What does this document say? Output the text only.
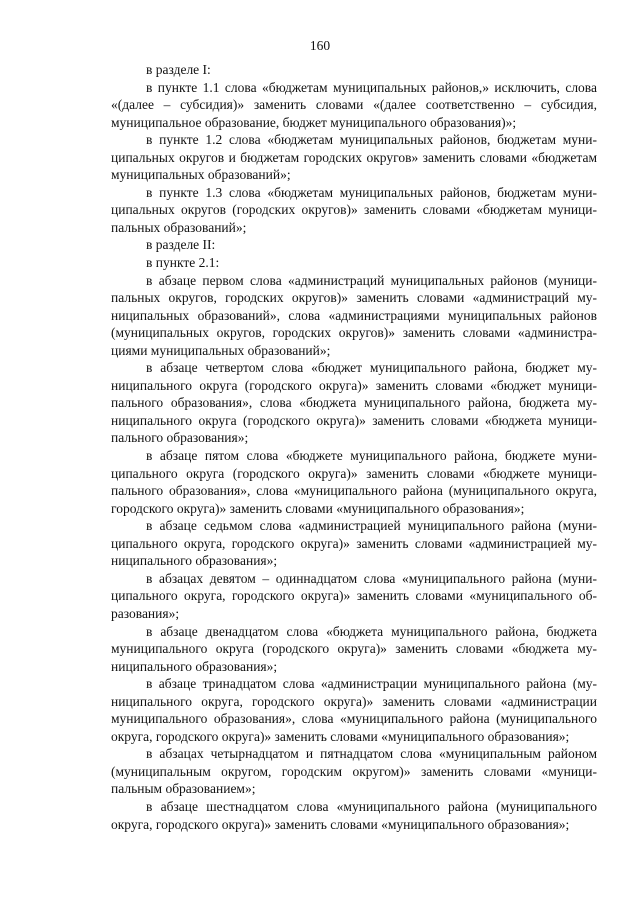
160

в разделе I:

в пункте 1.1 слова «бюджетам муниципальных районов,» исключить, слова «(далее – субсидия)» заменить словами «(далее соответственно – субсидия, муниципальное образование, бюджет муниципального образования)»;

в пункте 1.2 слова «бюджетам муниципальных районов, бюджетам муниципальных округов и бюджетам городских округов» заменить словами «бюджетам муниципальных образований»;

в пункте 1.3 слова «бюджетам муниципальных районов, бюджетам муниципальных округов (городских округов)» заменить словами «бюджетам муниципальных образований»;

в разделе II:

в пункте 2.1:

в абзаце первом слова «администраций муниципальных районов (муниципальных округов, городских округов)» заменить словами «администраций муниципальных образований», слова «администрациями муниципальных районов (муниципальных округов, городских округов)» заменить словами «администрациями муниципальных образований»;

в абзаце четвертом слова «бюджет муниципального района, бюджет муниципального округа (городского округа)» заменить словами «бюджет муниципального образования», слова «бюджета муниципального района, бюджета муниципального округа (городского округа)» заменить словами «бюджета муниципального образования»;

в абзаце пятом слова «бюджете муниципального района, бюджете муниципального округа (городского округа)» заменить словами «бюджете муниципального образования», слова «муниципального района (муниципального округа, городского округа)» заменить словами «муниципального образования»;

в абзаце седьмом слова «администрацией муниципального района (муниципального округа, городского округа)» заменить словами «администрацией муниципального образования»;

в абзацах девятом – одиннадцатом слова «муниципального района (муниципального округа, городского округа)» заменить словами «муниципального образования»;

в абзаце двенадцатом слова «бюджета муниципального района, бюджета муниципального округа (городского округа)» заменить словами «бюджета муниципального образования»;

в абзаце тринадцатом слова «администрации муниципального района (муниципального округа, городского округа)» заменить словами «администрации муниципального образования», слова «муниципального района (муниципального округа, городского округа)» заменить словами «муниципального образования»;

в абзацах четырнадцатом и пятнадцатом слова «муниципальным районом (муниципальным округом, городским округом)» заменить словами «муниципальным образованием»;

в абзаце шестнадцатом слова «муниципального района (муниципального округа, городского округа)» заменить словами «муниципального образования»;
